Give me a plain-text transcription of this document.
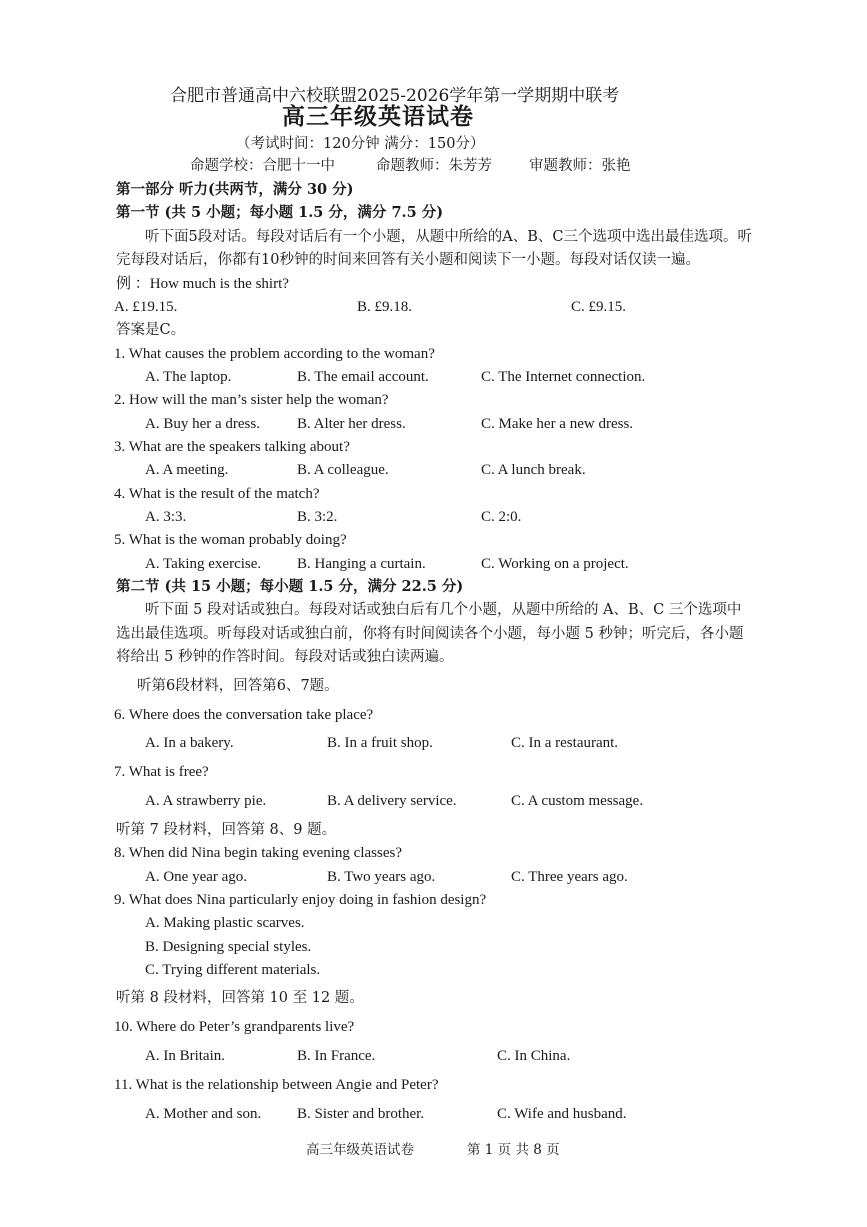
合肥市普通高中六校联盟2025-2026学年第一学期期中联考
高三年级英语试卷
（考试时间：120分钟 满分：150分）
命题学校：合肥十一中	命题教师：朱芳芳	审题教师：张艳
第一部分 听力(共两节，满分 30 分)
第一节 (共 5 小题；每小题 1.5 分，满分 7.5 分)
听下面5段对话。每段对话后有一个小题，从题中所给的A、B、C三个选项中选出最佳选项。听
完每段对话后，你都有10秒钟的时间来回答有关小题和阅读下一小题。每段对话仅读一遍。
例 ：How much is the shirt?
A. £19.15.	B. £9.18.	C. £9.15.
答案是C。
1. What causes the problem according to the woman?
A. The laptop.	B. The email account.	C. The Internet connection.
2. How will the man’s sister help the woman?
A. Buy her a dress. B. Alter her dress.	C. Make her a new dress.
3. What are the speakers talking about?
A. A meeting.	B. A colleague.	C. A lunch break.
4. What is the result of the match?
A. 3:3.	B. 3:2.	C. 2:0.
5. What is the woman probably doing?
A. Taking exercise. B. Hanging a curtain.	C. Working on a project.
第二节 (共 15 小题；每小题 1.5 分，满分 22.5 分)
听下面 5 段对话或独白。每段对话或独白后有几个小题，从题中所给的 A、B、C 三个选项中
选出最佳选项。听每段对话或独白前，你将有时间阅读各个小题，每小题 5 秒钟；听完后，各小题
将给出 5 秒钟的作答时间。每段对话或独白读两遍。
听第6段材料，回答第6、7题。
6. Where does the conversation take place?
A. In a bakery.	B. In a fruit shop.	C. In a restaurant.
7. What is free?
A. A strawberry pie.	B. A delivery service.	C. A custom message.
听第 7 段材料，回答第 8、9 题。
8. When did Nina begin taking evening classes?
A. One year ago.	B. Two years ago.	C. Three years ago.
9. What does Nina particularly enjoy doing in fashion design?
A. Making plastic scarves.
B. Designing special styles.
C. Trying different materials.
听第 8 段材料，回答第 10 至 12 题。
10. Where do Peter’s grandparents live?
A. In Britain.	B. In France.	C. In China.
11. What is the relationship between Angie and Peter?
A. Mother and son. B. Sister and brother.	C. Wife and husband.
高三年级英语试卷	第 1 页 共 8 页
